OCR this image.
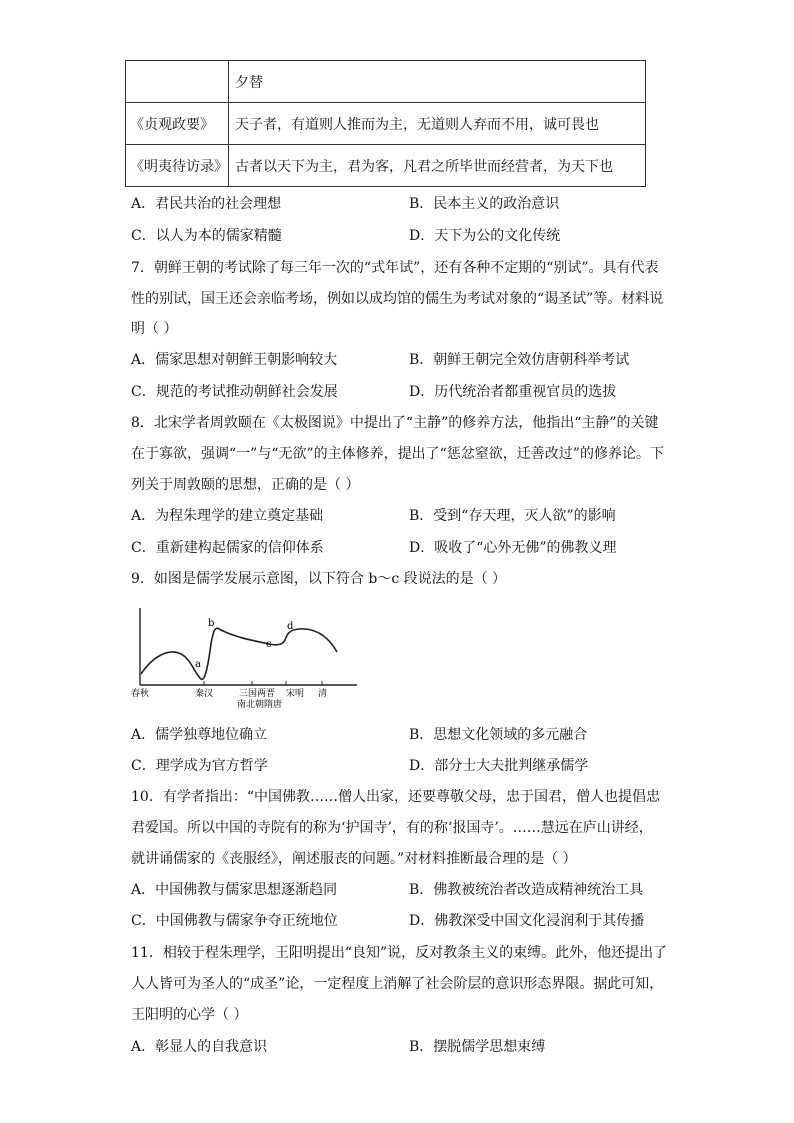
	夕替
《贞观政要》	天子者，有道则人推而为主，无道则人弃而不用，诚可畏也
《明夷待访录》	古者以天下为主，君为客，凡君之所毕世而经营者，为天下也
A．君民共治的社会理想	B．民本主义的政治意识
C．以人为本的儒家精髓	D．天下为公的文化传统
7．朝鲜王朝的考试除了每三年一次的“式年试”，还有各种不定期的“别试”。具有代表
性的别试，国王还会亲临考场，例如以成均馆的儒生为考试对象的“谒圣试”等。材料说
明（ ）
A．儒家思想对朝鲜王朝影响较大	B．朝鲜王朝完全效仿唐朝科举考试
C．规范的考试推动朝鲜社会发展	D．历代统治者都重视官员的选拔
8．北宋学者周敦颐在《太极图说》中提出了“主静”的修养方法，他指出“主静”的关键
在于寡欲，强调“一”与“无欲”的主体修养，提出了“惩忿窒欲，迁善改过”的修养论。下
列关于周敦颐的思想，正确的是（ ）
A．为程朱理学的建立奠定基础	B．受到“存天理，灭人欲”的影响
C．重新建构起儒家的信仰体系	D．吸收了“心外无佛”的佛教义理
9．如图是儒学发展示意图，以下符合 b～c 段说法的是（ ）
a
b
c
d
春秋	秦汉	三国两晋
南北朝隋唐
宋明 清
A．儒学独尊地位确立	B．思想文化领域的多元融合
C．理学成为官方哲学	D．部分士大夫批判继承儒学
10．有学者指出：“中国佛教……僧人出家，还要尊敬父母，忠于国君，僧人也提倡忠
君爱国。所以中国的寺院有的称为‘护国寺’，有的称‘报国寺’。……慧远在庐山讲经，
就讲诵儒家的《丧服经》，阐述服丧的问题。”对材料推断最合理的是（ ）
A．中国佛教与儒家思想逐渐趋同	B．佛教被统治者改造成精神统治工具
C．中国佛教与儒家争夺正统地位	D．佛教深受中国文化浸润利于其传播
11．相较于程朱理学，王阳明提出“良知”说，反对教条主义的束缚。此外，他还提出了
人人皆可为圣人的“成圣”论，一定程度上消解了社会阶层的意识形态界限。据此可知，
王阳明的心学（ ）
A．彰显人的自我意识	B．摆脱儒学思想束缚
